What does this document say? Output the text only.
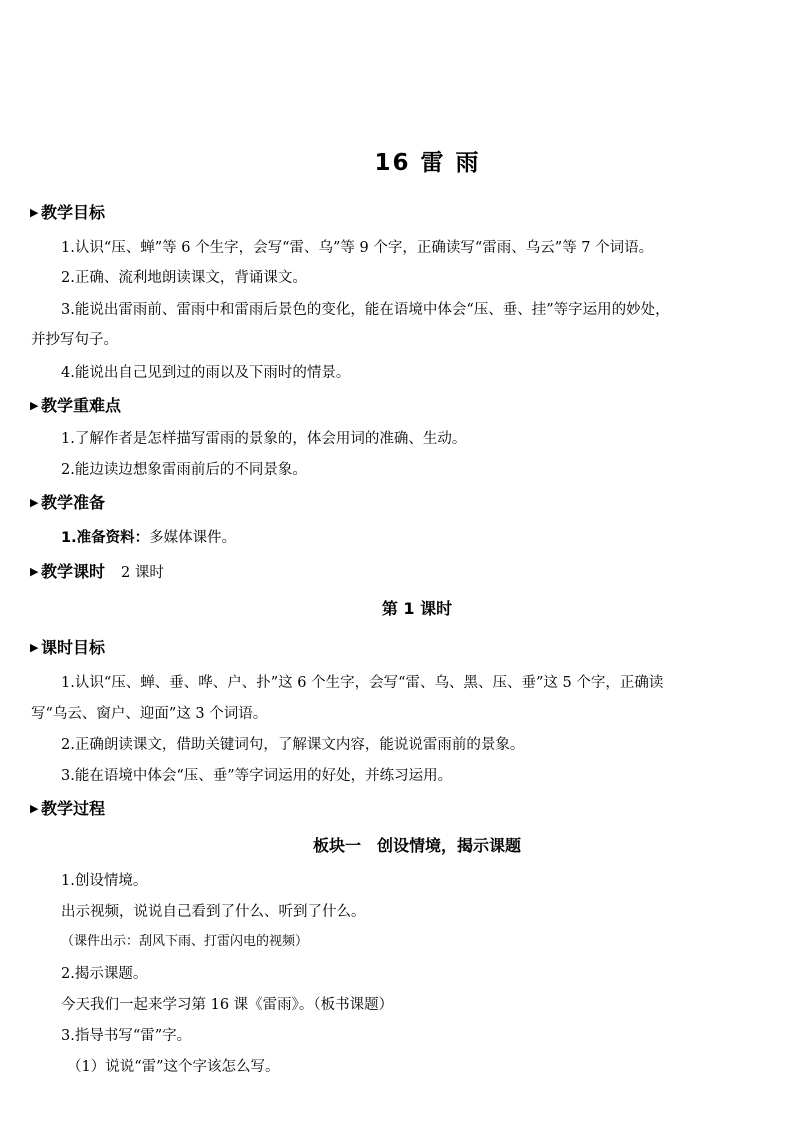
16 雷 雨
▶ 教学目标
1.认识“压、蝉”等 6 个生字，会写“雷、乌”等 9 个字，正确读写“雷雨、乌云”等 7 个词语。
2.正确、流利地朗读课文，背诵课文。
3.能说出雷雨前、雷雨中和雷雨后景色的变化，能在语境中体会“压、垂、挂”等字运用的妙处，
并抄写句子。
4.能说出自己见到过的雨以及下雨时的情景。
▶ 教学重难点
1.了解作者是怎样描写雷雨的景象的，体会用词的准确、生动。
2.能边读边想象雷雨前后的不同景象。
▶ 教学准备
1.准备资料：多媒体课件。
▶ 教学课时 2 课时
第 1 课时
▶ 课时目标
1.认识“压、蝉、垂、哗、户、扑”这 6 个生字，会写“雷、乌、黑、压、垂”这 5 个字，正确读
写“乌云、窗户、迎面”这 3 个词语。
2.正确朗读课文，借助关键词句，了解课文内容，能说说雷雨前的景象。
3.能在语境中体会“压、垂”等字词运用的好处，并练习运用。
▶ 教学过程
板块一　创设情境，揭示课题
1.创设情境。
出示视频，说说自己看到了什么、听到了什么。
（课件出示：刮风下雨、打雷闪电的视频）
2.揭示课题。
今天我们一起来学习第 16 课《雷雨》。（板书课题）
3.指导书写“雷”字。
（1）说说“雷”这个字该怎么写。
